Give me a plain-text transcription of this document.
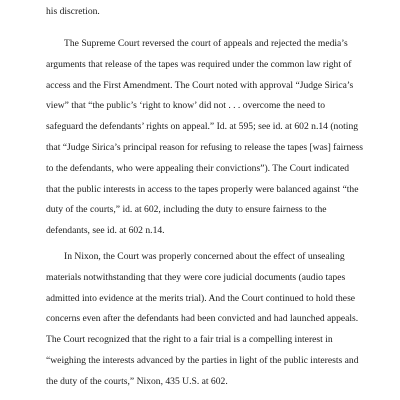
his discretion.

The Supreme Court reversed the court of appeals and rejected the media’s
arguments that release of the tapes was required under the common law right of
access and the First Amendment. The Court noted with approval “Judge Sirica’s
view” that “the public’s ‘right to know’ did not . . . overcome the need to
safeguard the defendants’ rights on appeal.” Id. at 595; see id. at 602 n.14 (noting
that “Judge Sirica’s principal reason for refusing to release the tapes [was] fairness
to the defendants, who were appealing their convictions”). The Court indicated
that the public interests in access to the tapes properly were balanced against “the
duty of the courts,” id. at 602, including the duty to ensure fairness to the
defendants, see id. at 602 n.14.

In Nixon, the Court was properly concerned about the effect of unsealing
materials notwithstanding that they were core judicial documents (audio tapes
admitted into evidence at the merits trial). And the Court continued to hold these
concerns even after the defendants had been convicted and had launched appeals.
The Court recognized that the right to a fair trial is a compelling interest in
“weighing the interests advanced by the parties in light of the public interests and
the duty of the courts,” Nixon, 435 U.S. at 602.
